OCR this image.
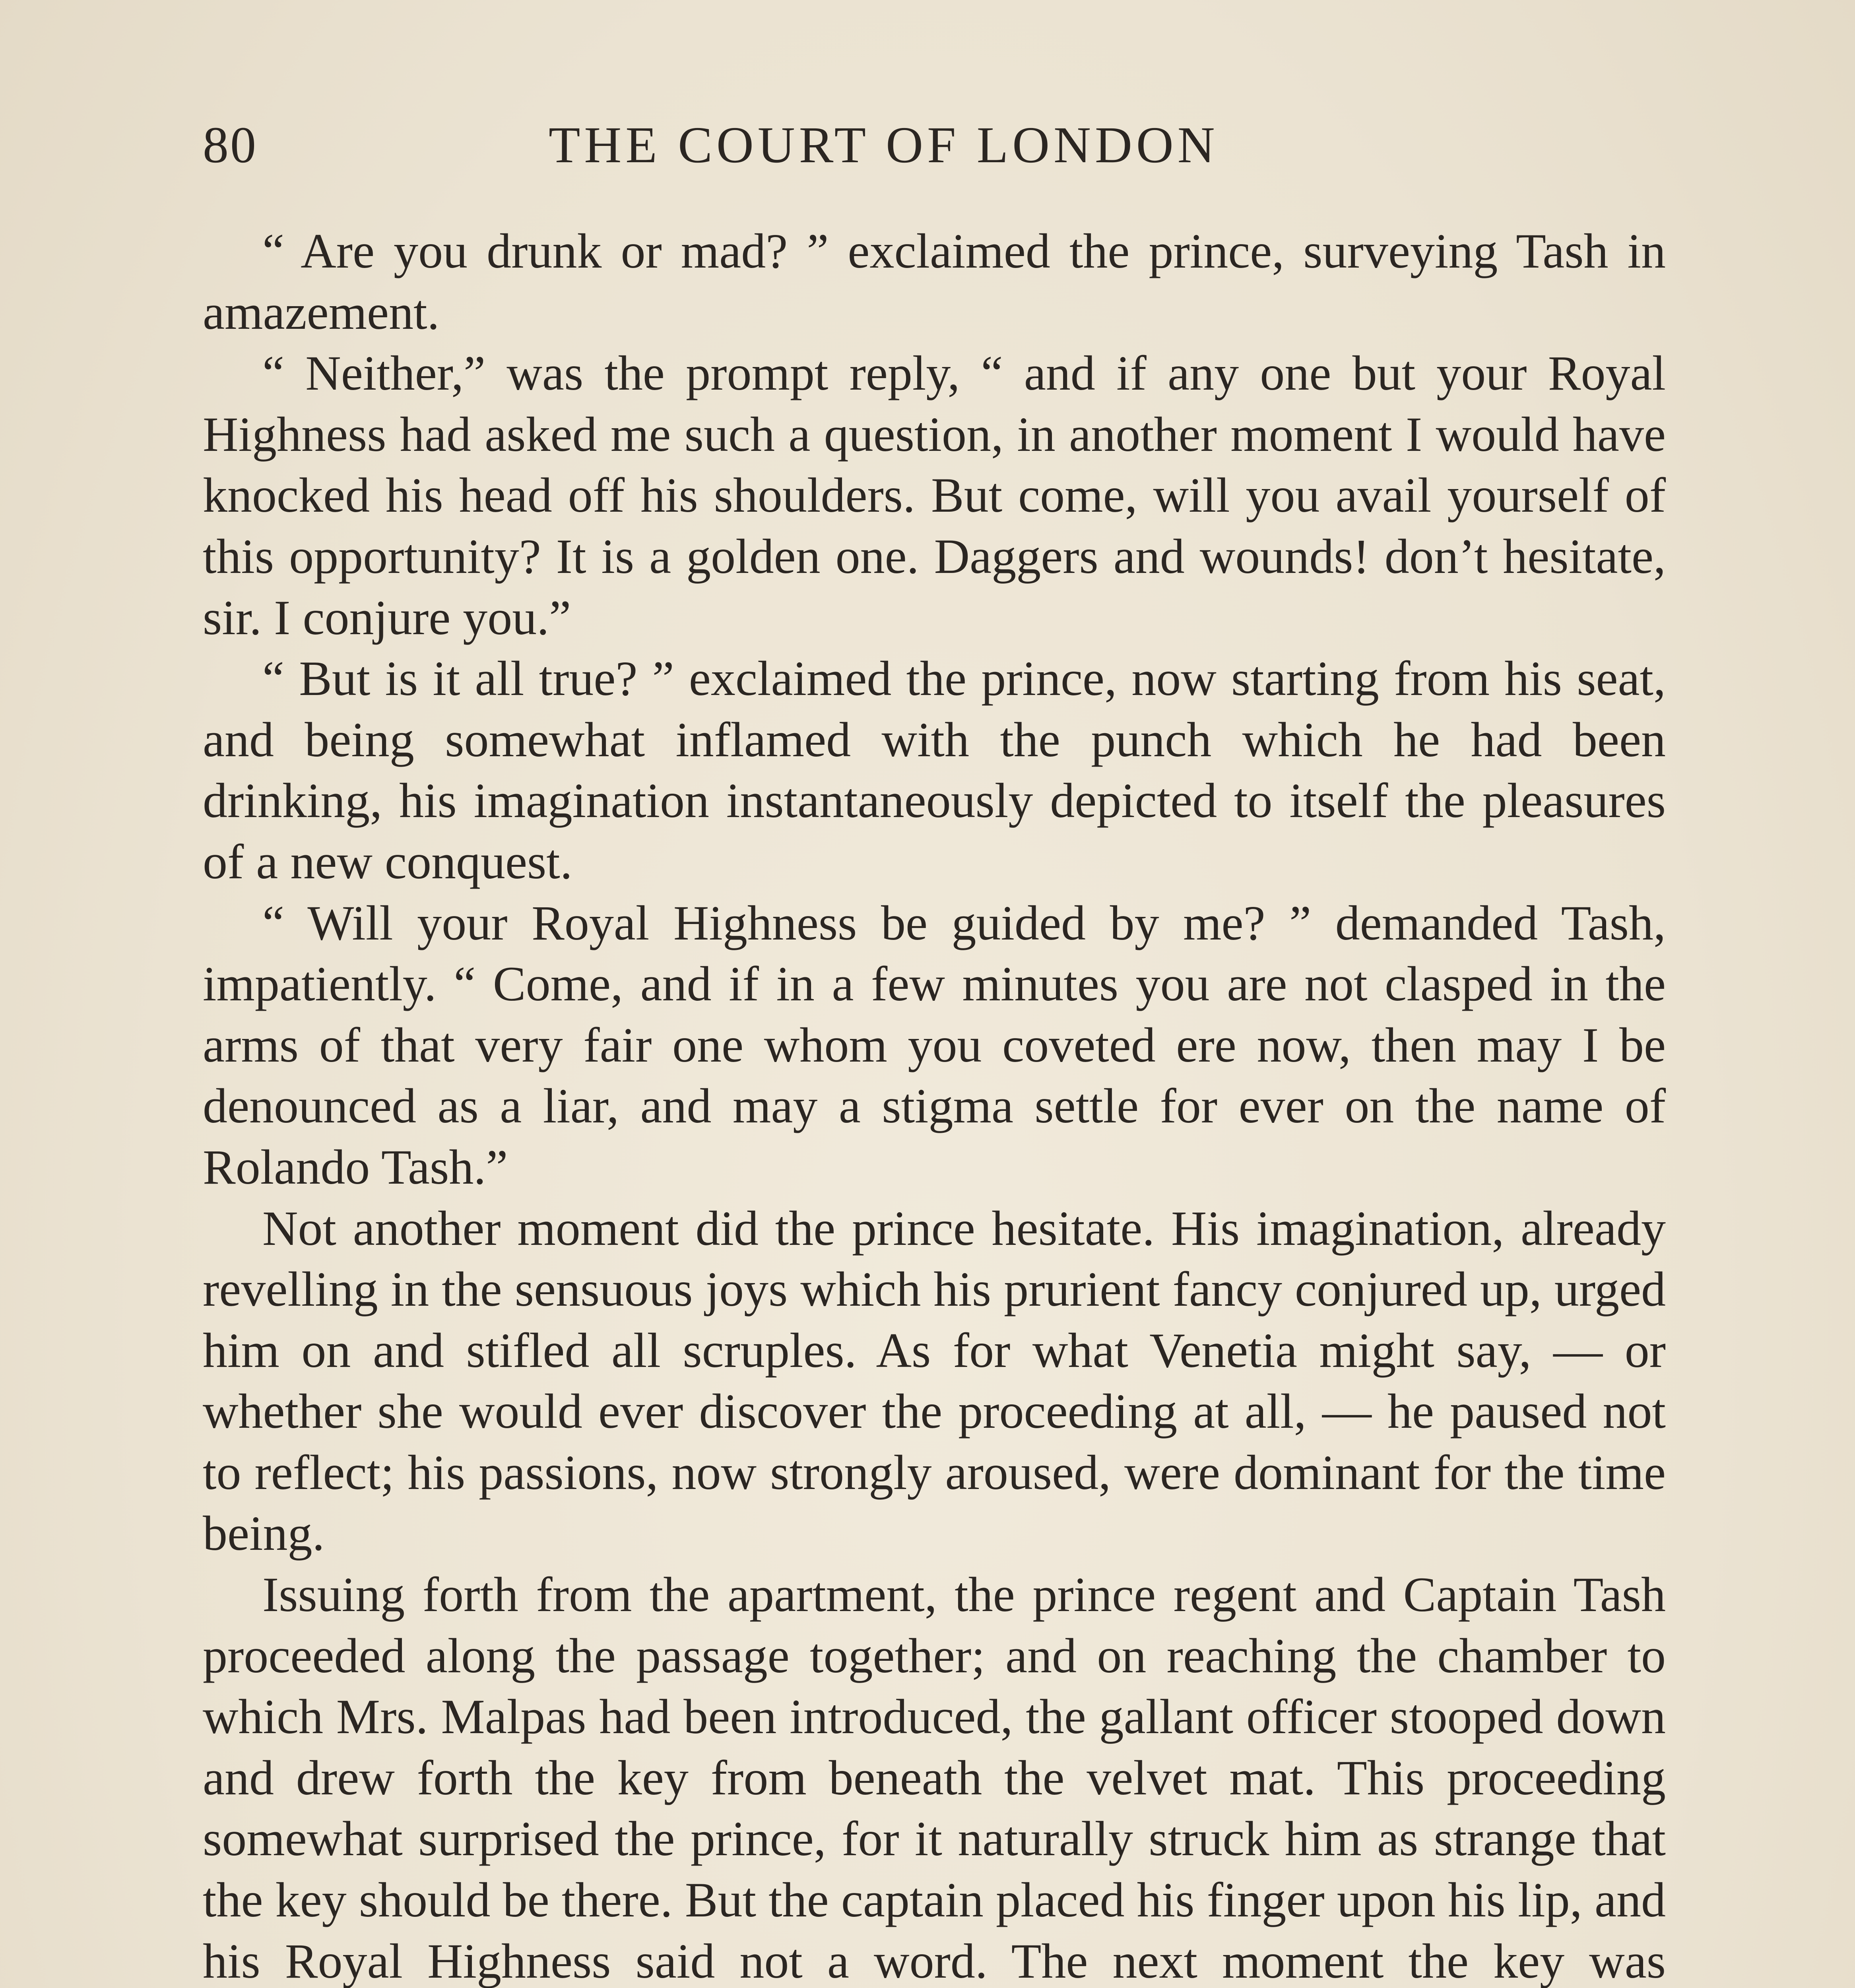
80	THE COURT OF LONDON

“ Are you drunk or mad? ” exclaimed the prince, surveying Tash in amazement.

“ Neither,” was the prompt reply, “ and if any one but your Royal Highness had asked me such a question, in another moment I would have knocked his head off his shoulders. But come, will you avail yourself of this opportunity? It is a golden one. Daggers and wounds! don’t hesitate, sir. I conjure you.”

“ But is it all true? ” exclaimed the prince, now starting from his seat, and being somewhat inflamed with the punch which he had been drinking, his imagination instantaneously depicted to itself the pleasures of a new conquest.

“ Will your Royal Highness be guided by me? ” demanded Tash, impatiently. “ Come, and if in a few minutes you are not clasped in the arms of that very fair one whom you coveted ere now, then may I be denounced as a liar, and may a stigma settle for ever on the name of Rolando Tash.”

Not another moment did the prince hesitate. His imagination, already revelling in the sensuous joys which his prurient fancy conjured up, urged him on and stifled all scruples. As for what Venetia might say, — or whether she would ever discover the proceeding at all, — he paused not to reflect; his passions, now strongly aroused, were dominant for the time being.

Issuing forth from the apartment, the prince regent and Captain Tash proceeded along the passage together; and on reaching the chamber to which Mrs. Malpas had been introduced, the gallant officer stooped down and drew forth the key from beneath the velvet mat. This proceeding somewhat surprised the prince, for it naturally struck him as strange that the key should be there. But the captain placed his finger upon his lip, and his Royal Highness said not a word. The next moment the key was
